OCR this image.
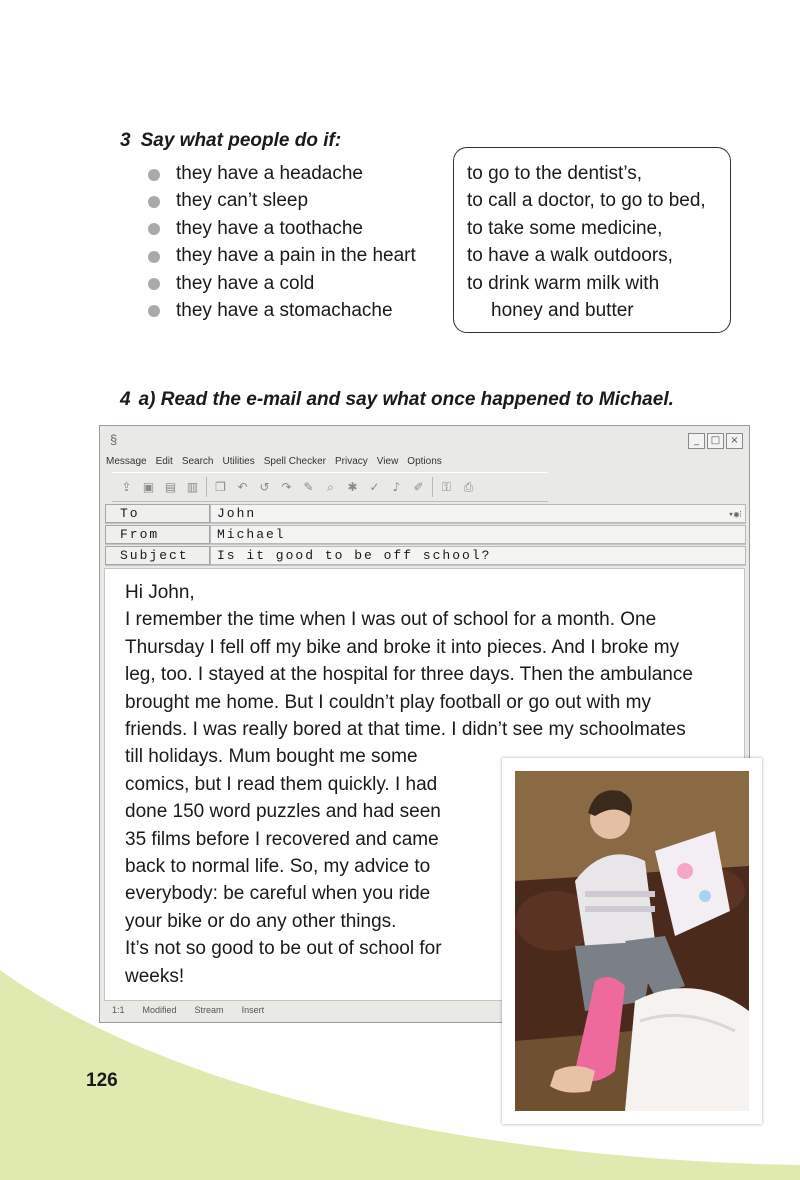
3 Say what people do if:
they have a headache
they can’t sleep
they have a toothache
they have a pain in the heart
they have a cold
they have a stomachache
to go to the dentist’s,
to call a doctor, to go to bed,
to take some medicine,
to have a walk outdoors,
to drink warm milk with
honey and butter
4 a) Read the e-mail and say what once happened to Michael.
§	_	□	×
Message Edit Search Utilities Spell Checker Privacy View Options
⇪ ▣ ▤ ▥ ❐ ↶ ↺ ↷ ✎	⌕	✱ ✓	♪	✐	⚿	⎙
To	John	▾◉⁝
From	Michael
Subject	Is it good to be off school?
1:1 Modified Stream Insert
Hi John,
I remember the time when I was out of school for a month. One
Thursday I fell off my bike and broke it into pieces. And I broke my
leg, too. I stayed at the hospital for three days. Then the ambulance
brought me home. But I couldn’t play football or go out with my
friends. I was really bored at that time. I didn’t see my schoolmates
till holidays. Mum bought me some
comics, but I read them quickly. I had
done 150 word puzzles and had seen
35 films before I recovered and came
back to normal life. So, my advice to
everybody: be careful when you ride
your bike or do any other things.
It’s not so good to be out of school for
weeks!
126
